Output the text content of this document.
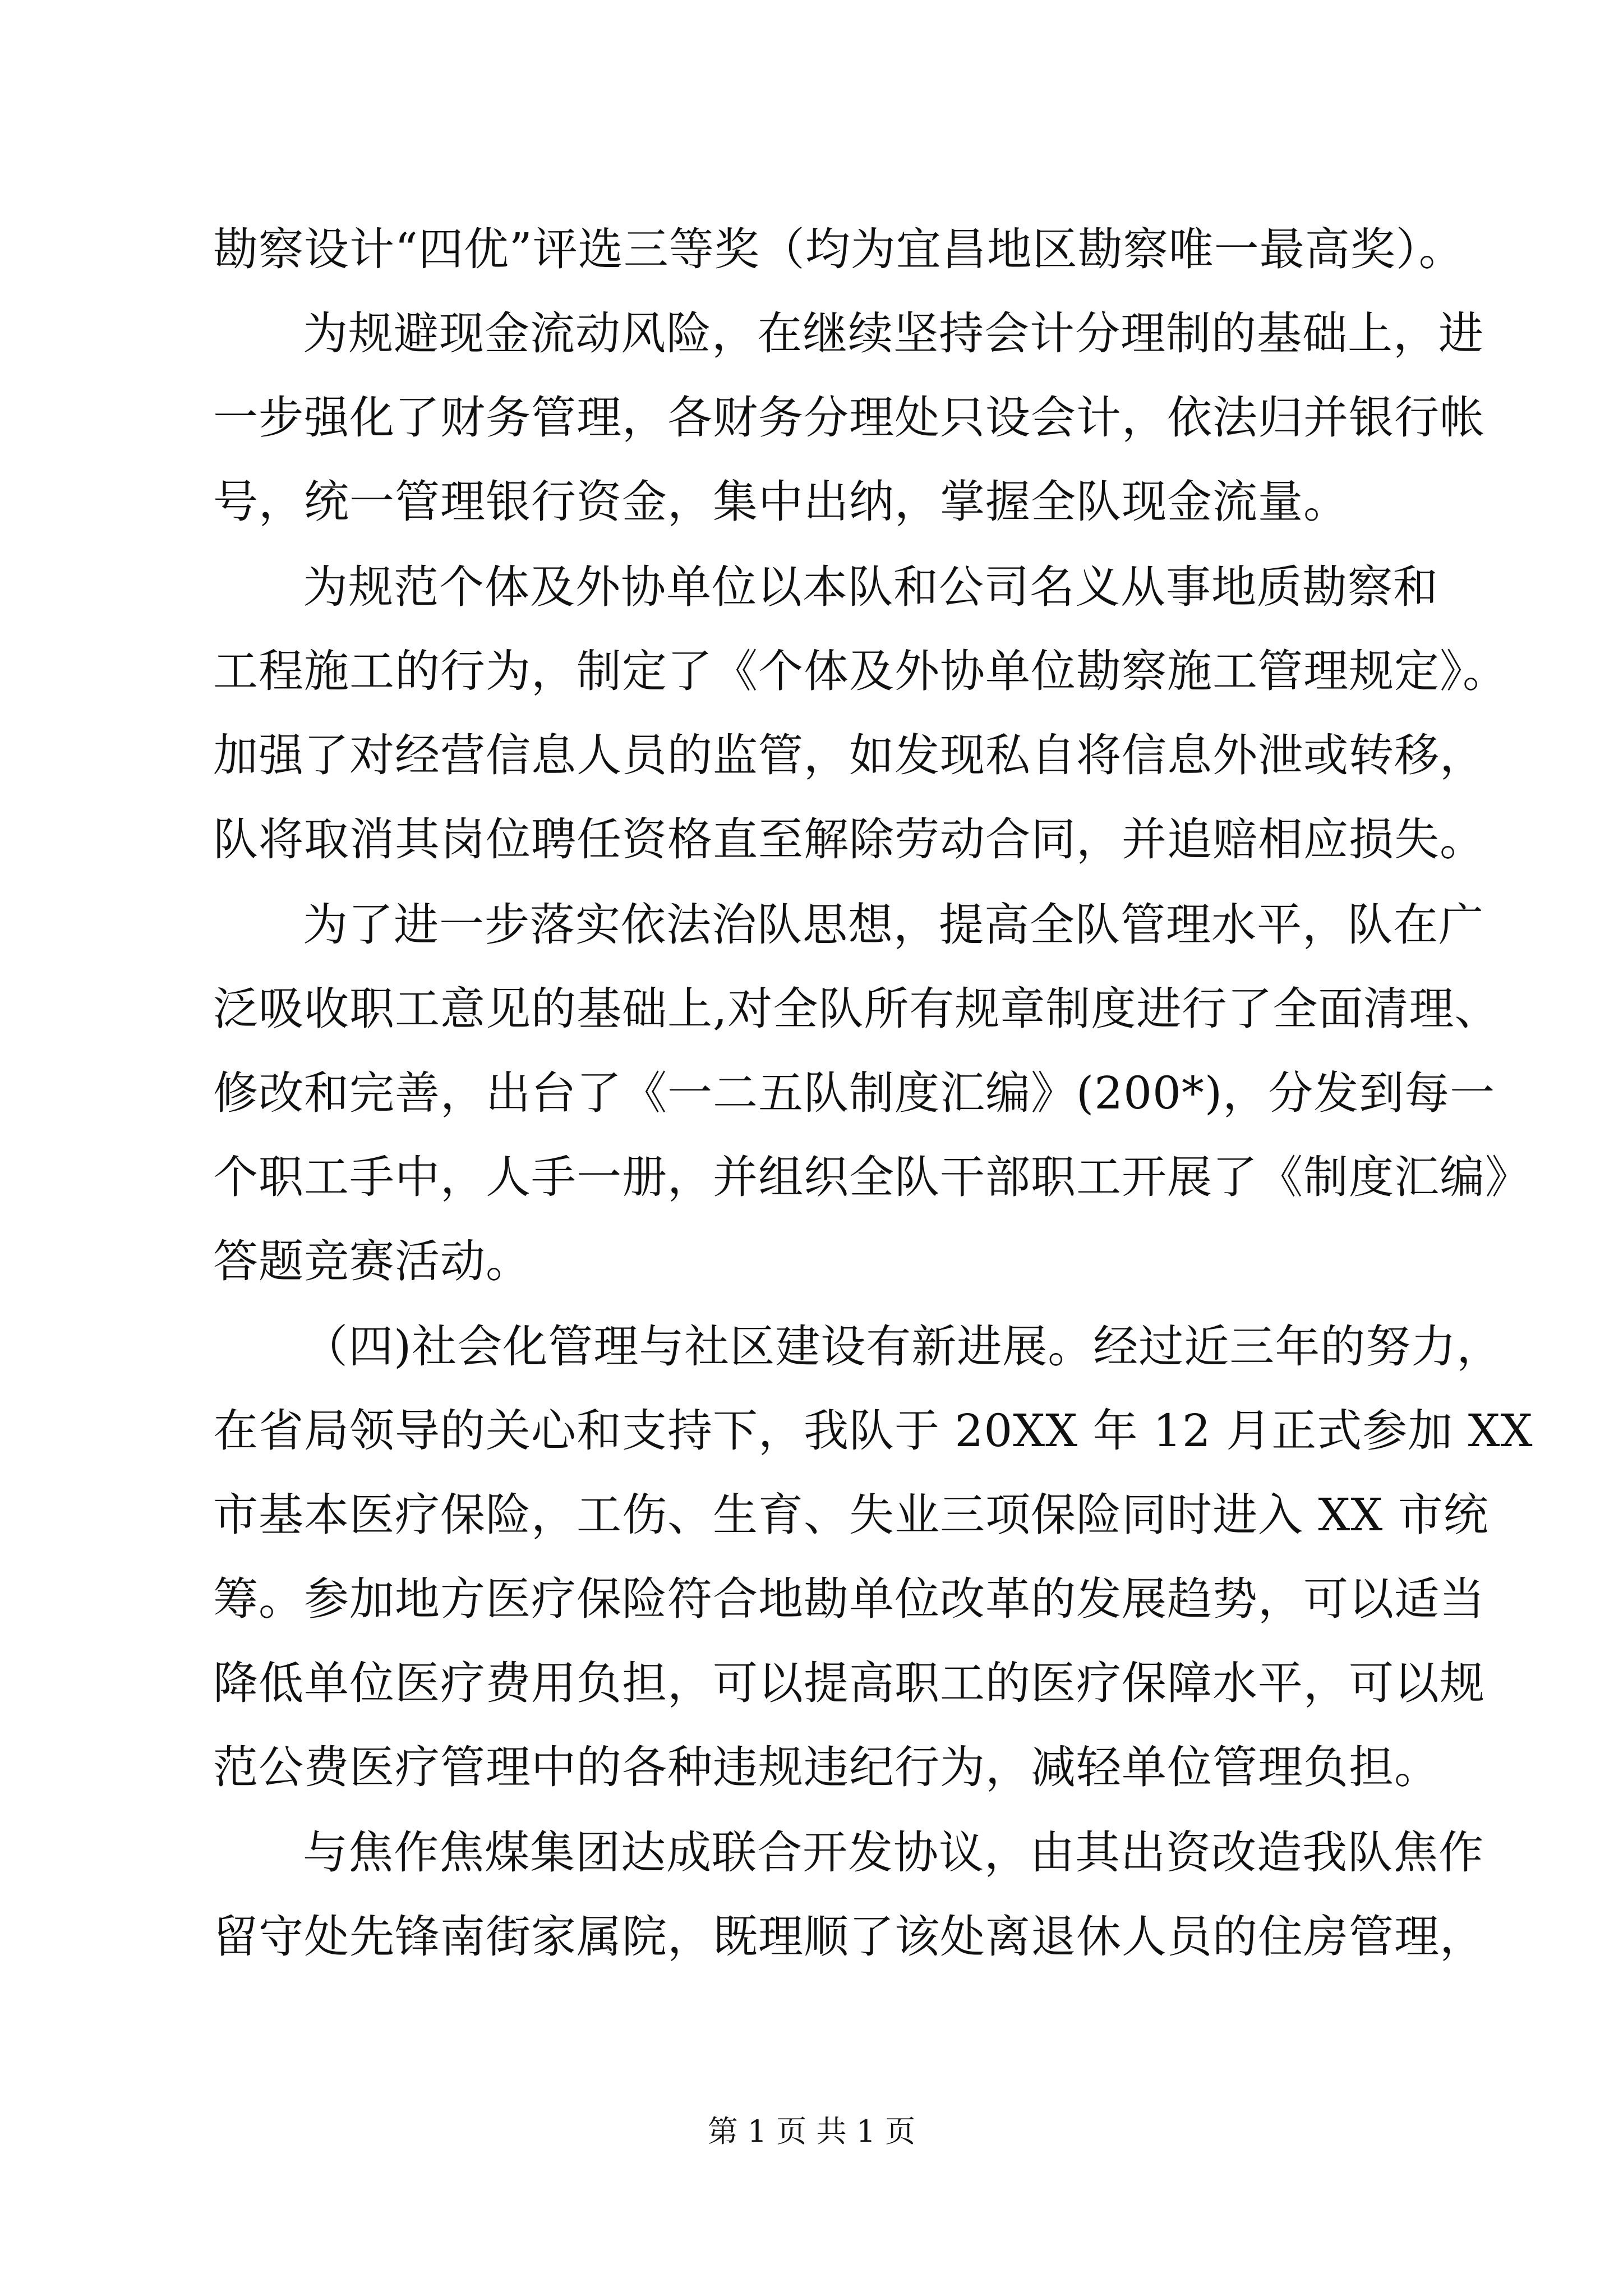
勘察设计“四优”评选三等奖（均为宜昌地区勘察唯一最高奖）。
为规避现金流动风险，在继续坚持会计分理制的基础上，进
一步强化了财务管理，各财务分理处只设会计，依法归并银行帐
号，统一管理银行资金，集中出纳，掌握全队现金流量。
为规范个体及外协单位以本队和公司名义从事地质勘察和
工程施工的行为，制定了《个体及外协单位勘察施工管理规定》。
加强了对经营信息人员的监管，如发现私自将信息外泄或转移，
队将取消其岗位聘任资格直至解除劳动合同，并追赔相应损失。
为了进一步落实依法治队思想，提高全队管理水平，队在广
泛吸收职工意见的基础上,对全队所有规章制度进行了全面清理、
修改和完善，出台了《一二五队制度汇编》(200*)，分发到每一
个职工手中，人手一册，并组织全队干部职工开展了《制度汇编》
答题竞赛活动。
（四)社会化管理与社区建设有新进展。经过近三年的努力，
在省局领导的关心和支持下，我队于 20XX 年 12 月正式参加 XX
市基本医疗保险，工伤、生育、失业三项保险同时进入 XX 市统
筹。参加地方医疗保险符合地勘单位改革的发展趋势，可以适当
降低单位医疗费用负担，可以提高职工的医疗保障水平，可以规
范公费医疗管理中的各种违规违纪行为，减轻单位管理负担。
与焦作焦煤集团达成联合开发协议，由其出资改造我队焦作
留守处先锋南街家属院，既理顺了该处离退休人员的住房管理，
第 1 页 共 1 页
